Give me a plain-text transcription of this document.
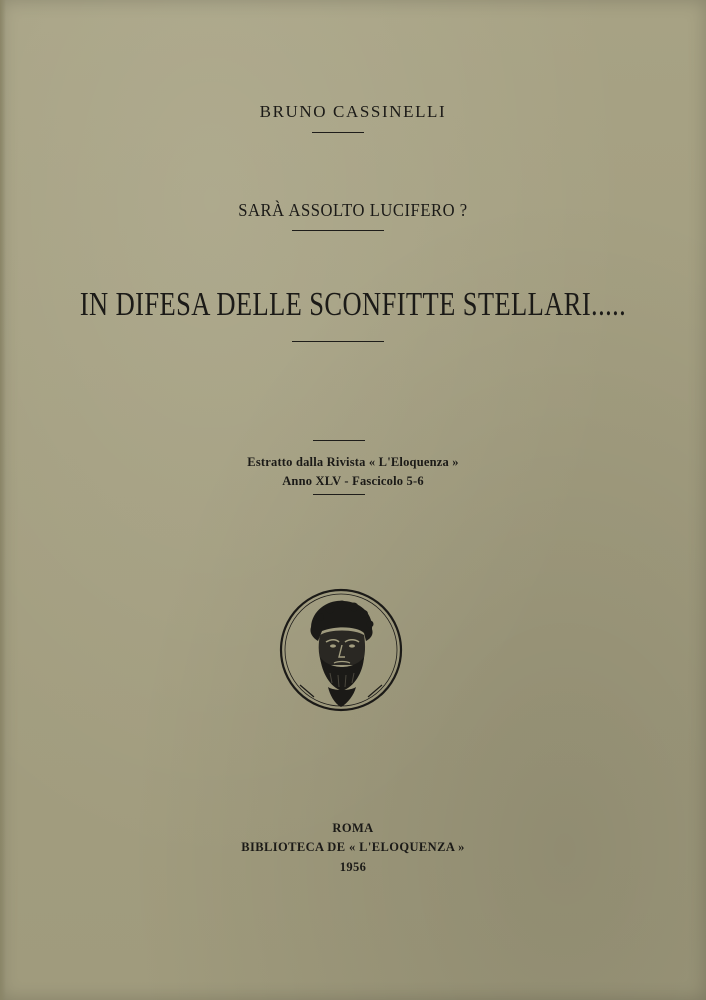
BRUNO CASSINELLI
SARÀ ASSOLTO LUCIFERO ?
IN DIFESA DELLE SCONFITTE STELLARI.....
Estratto dalla Rivista « L'Eloquenza »
Anno XLV - Fascicolo 5-6
ROMA
BIBLIOTECA DE « L'ELOQUENZA »
1956
